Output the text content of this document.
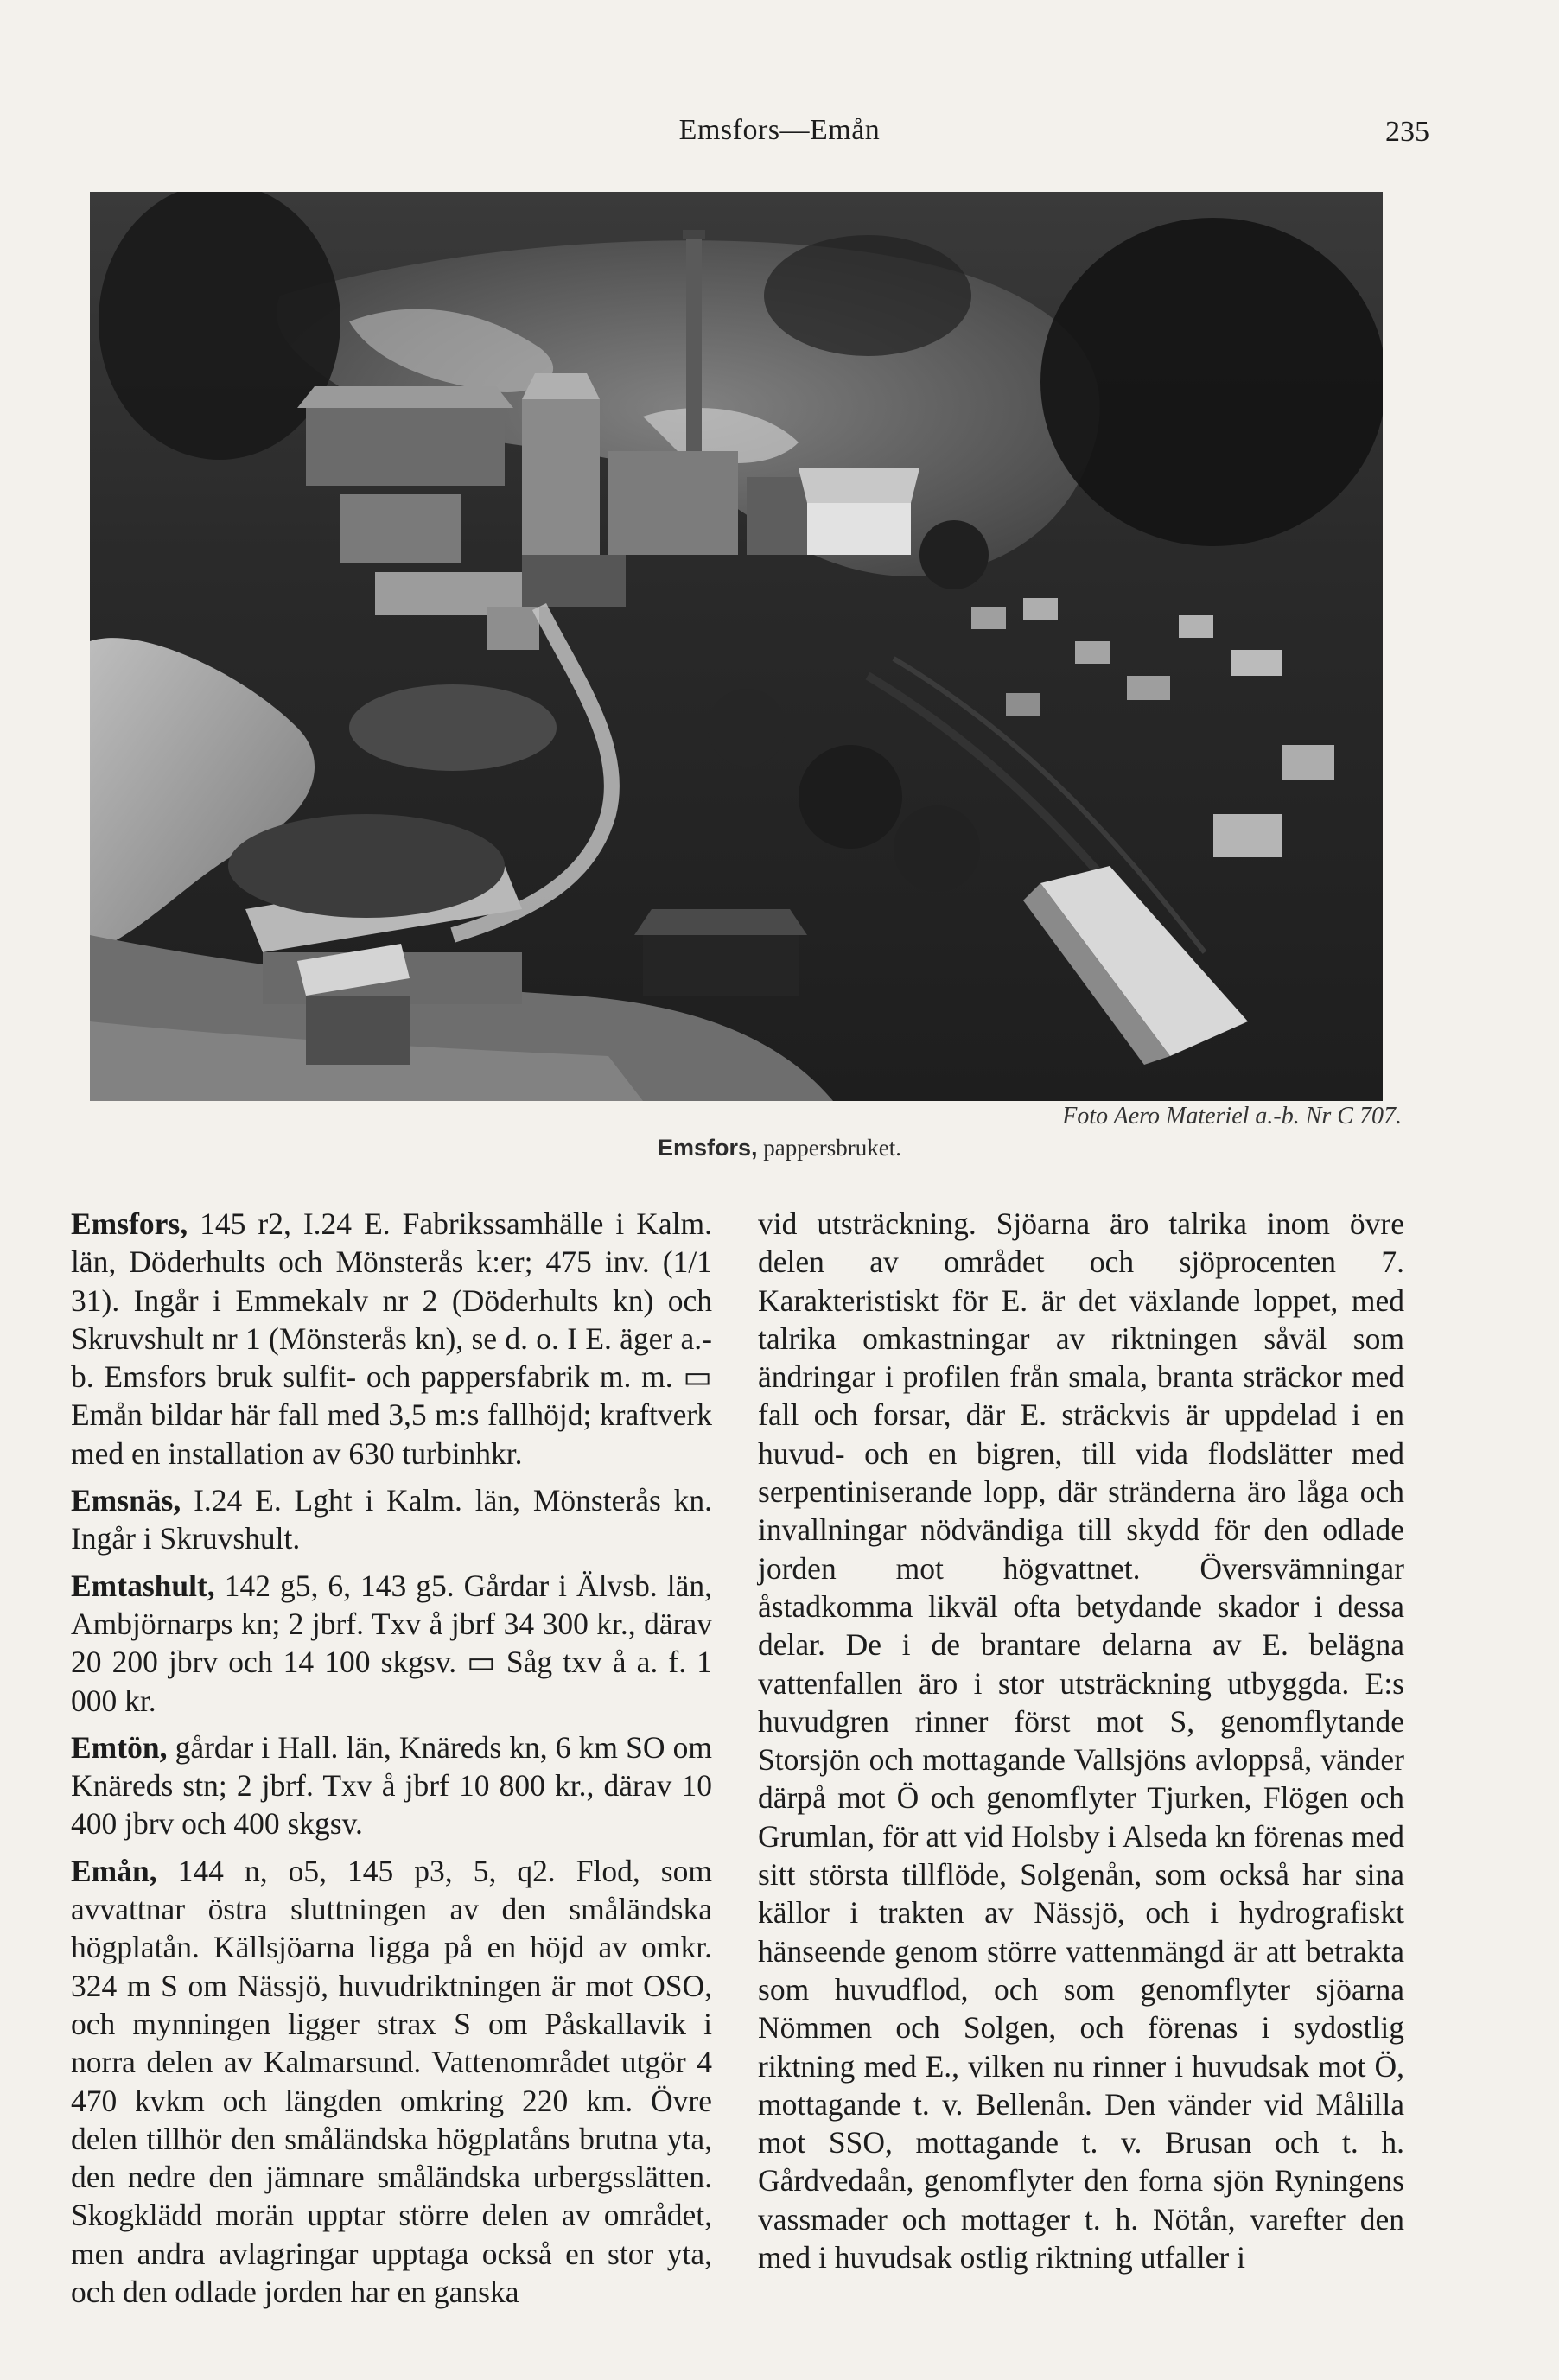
Emsfors—Emån	235
Foto Aero Materiel a.-b. Nr C 707.
Emsfors, pappersbruket.

Emsfors, 145 r2, I.24 E. Fabrikssamhälle i Kalm. län, Döderhults och Mönsterås k:er; 475 inv. (1/1 31). Ingår i Emmekalv nr 2 (Döderhults kn) och Skruvshult nr 1 (Mönsterås kn), se d. o. I E. äger a.-b. Emsfors bruk sulfit- och pappersfabrik m. m. ▭ Emån bildar här fall med 3,5 m:s fallhöjd; kraftverk med en installation av 630 turbinhkr.

Emsnäs, I.24 E. Lght i Kalm. län, Mönsterås kn. Ingår i Skruvshult.

Emtashult, 142 g5, 6, 143 g5. Gårdar i Älvsb. län, Ambjörnarps kn; 2 jbrf. Txv å jbrf 34 300 kr., därav 20 200 jbrv och 14 100 skgsv. ▭ Såg txv å a. f. 1 000 kr.

Emtön, gårdar i Hall. län, Knäreds kn, 6 km SO om Knäreds stn; 2 jbrf. Txv å jbrf 10 800 kr., därav 10 400 jbrv och 400 skgsv.

Emån, 144 n, o5, 145 p3, 5, q2. Flod, som avvattnar östra sluttningen av den småländska högplatån. Källsjöarna ligga på en höjd av omkr. 324 m S om Nässjö, huvudriktningen är mot OSO, och mynningen ligger strax S om Påskallavik i norra delen av Kalmarsund. Vattenområdet utgör 4 470 kvkm och längden omkring 220 km. Övre delen tillhör den småländska högplatåns brutna yta, den nedre den jämnare småländska urbergsslätten. Skogklädd morän upptar större delen av området, men andra avlagringar upptaga också en stor yta, och den odlade jorden har en ganska

vid utsträckning. Sjöarna äro talrika inom övre delen av området och sjöprocenten 7. Karakteristiskt för E. är det växlande loppet, med talrika omkastningar av riktningen såväl som ändringar i profilen från smala, branta sträckor med fall och forsar, där E. sträckvis är uppdelad i en huvud- och en bigren, till vida flodslätter med serpentiniserande lopp, där stränderna äro låga och invallningar nödvändiga till skydd för den odlade jorden mot högvattnet. Översvämningar åstadkomma likväl ofta betydande skador i dessa delar. De i de brantare delarna av E. belägna vattenfallen äro i stor utsträckning utbyggda. E:s huvudgren rinner först mot S, genomflytande Storsjön och mottagande Vallsjöns avloppså, vänder därpå mot Ö och genomflyter Tjurken, Flögen och Grumlan, för att vid Holsby i Alseda kn förenas med sitt största tillflöde, Solgenån, som också har sina källor i trakten av Nässjö, och i hydrografiskt hänseende genom större vattenmängd är att betrakta som huvudflod, och som genomflyter sjöarna Nömmen och Solgen, och förenas i sydostlig riktning med E., vilken nu rinner i huvudsak mot Ö, mottagande t. v. Bellenån. Den vänder vid Målilla mot SSO, mottagande t. v. Brusan och t. h. Gårdvedaån, genomflyter den forna sjön Ryningens vassmader och mottager t. h. Nötån, varefter den med i huvudsak ostlig riktning utfaller i
